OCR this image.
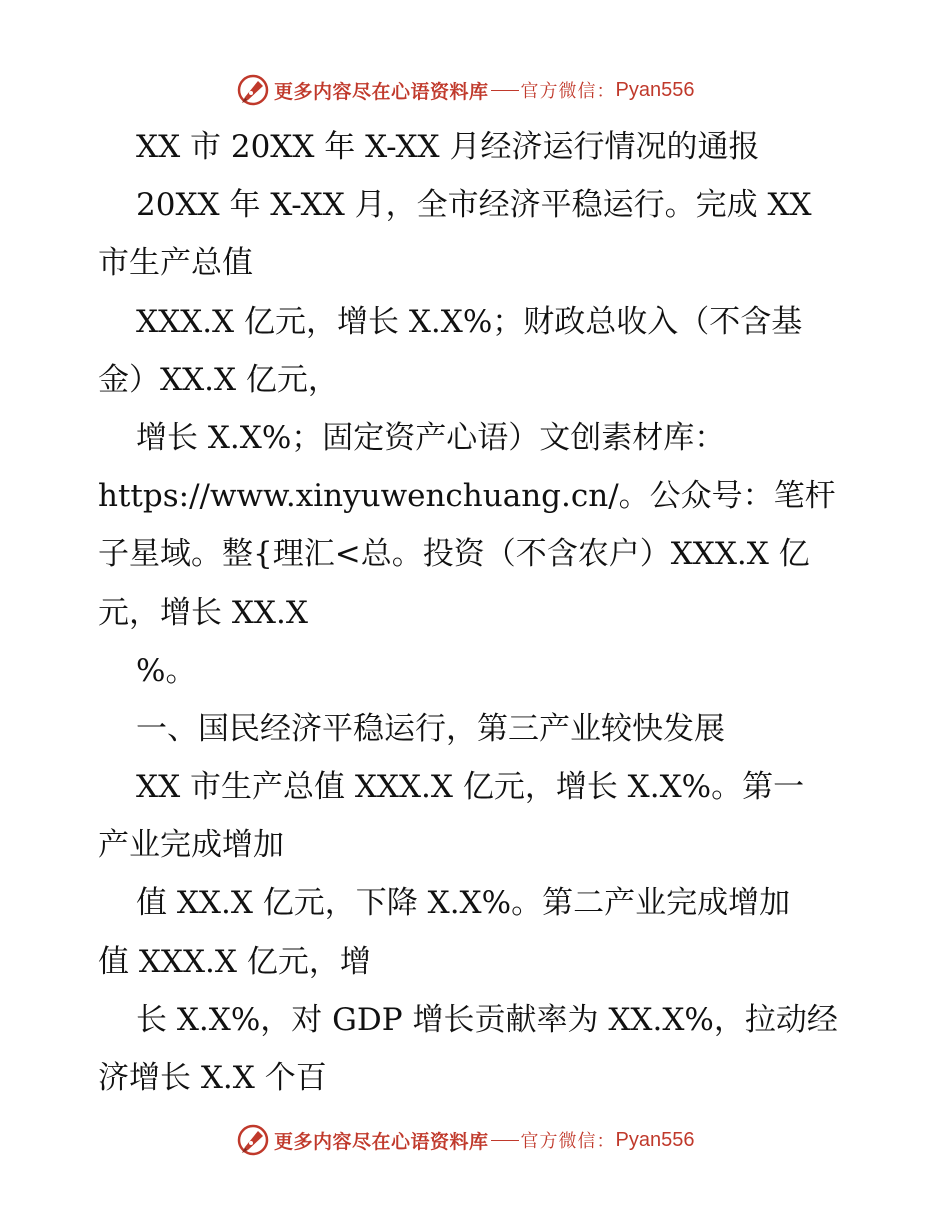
更多内容尽在心语资料库 官方微信： Pyan556
XX 市 20XX 年 X-XX 月经济运行情况的通报
20XX 年 X-XX 月，全市经济平稳运行。完成 XX
市生产总值
XXX.X 亿元，增长 X.X%；财政总收入（不含基
金）XX.X 亿元，
增长 X.X%；固定资产心语）文创素材库：
https://www.xinyuwenchuang.cn/。公众号：笔杆
子星域。整{理汇<总。投资（不含农户）XXX.X 亿
元，增长 XX.X
%。
一、国民经济平稳运行，第三产业较快发展
XX 市生产总值 XXX.X 亿元，增长 X.X%。第一
产业完成增加
值 XX.X 亿元，下降 X.X%。第二产业完成增加
值 XXX.X 亿元，增
长 X.X%，对 GDP 增长贡献率为 XX.X%，拉动经
济增长 X.X 个百
更多内容尽在心语资料库 官方微信： Pyan556
